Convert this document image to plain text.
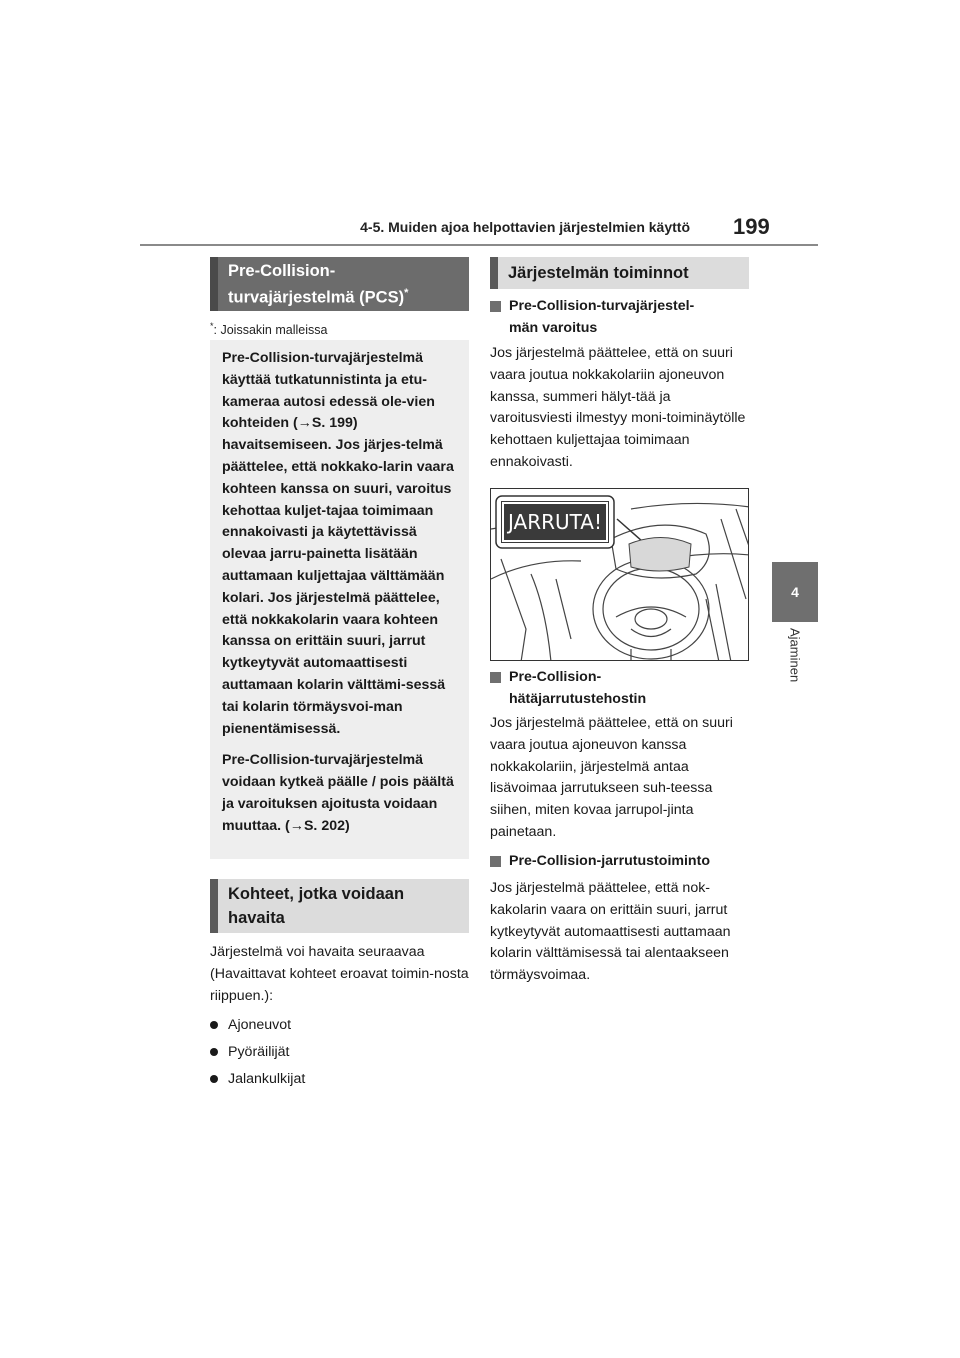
4-5. Muiden ajoa helpottavien järjestelmien käyttö 199
4
Ajaminen
Pre-Collision-
turvajärjestelmä (PCS)*
*: Joissakin malleissa

Pre-Collision-turvajärjestelmä käyttää tutkatunnistinta ja etu-kameraa autosi edessä ole-vien kohteiden (→S. 199) havaitsemiseen. Jos järjes-telmä päättelee, että nokkako-larin vaara kohteen kanssa on suuri, varoitus kehottaa kuljet-tajaa toimimaan ennakoivasti ja käytettävissä olevaa jarru-painetta lisätään auttamaan kuljettajaa välttämään kolari. Jos järjestelmä päättelee, että nokkakolarin vaara kohteen kanssa on erittäin suuri, jarrut kytkeytyvät automaattisesti auttamaan kolarin välttämi-sessä tai kolarin törmäysvoi-man pienentämisessä.

Pre-Collision-turvajärjestelmä voidaan kytkeä päälle / pois päältä ja varoituksen ajoitusta voidaan muuttaa. (→S. 202)

Kohteet, jotka voidaan havaita
Järjestelmä voi havaita seuraavaa (Havaittavat kohteet eroavat toimin-nosta riippuen.):
Ajoneuvot
Pyöräilijät
Jalankulkijat
Järjestelmän toiminnot
Pre-Collision-turvajärjestel-
män varoitus
Jos järjestelmä päättelee, että on suuri vaara joutua nokkakolariin ajoneuvon kanssa, summeri hälyt-tää ja varoitusviesti ilmestyy moni-toiminäytölle kehottaen kuljettajaa toimimaan ennakoivasti.
JARRUTA!
Pre-Collision-
hätäjarrutustehostin
Jos järjestelmä päättelee, että on suuri vaara joutua ajoneuvon kanssa nokkakolariin, järjestelmä antaa lisävoimaa jarrutukseen suh-teessa siihen, miten kovaa jarrupol-jinta painetaan.
Pre-Collision-jarrutustoiminto
Jos järjestelmä päättelee, että nok-kakolarin vaara on erittäin suuri, jarrut kytkeytyvät automaattisesti auttamaan kolarin välttämisessä tai alentaakseen törmäysvoimaa.
